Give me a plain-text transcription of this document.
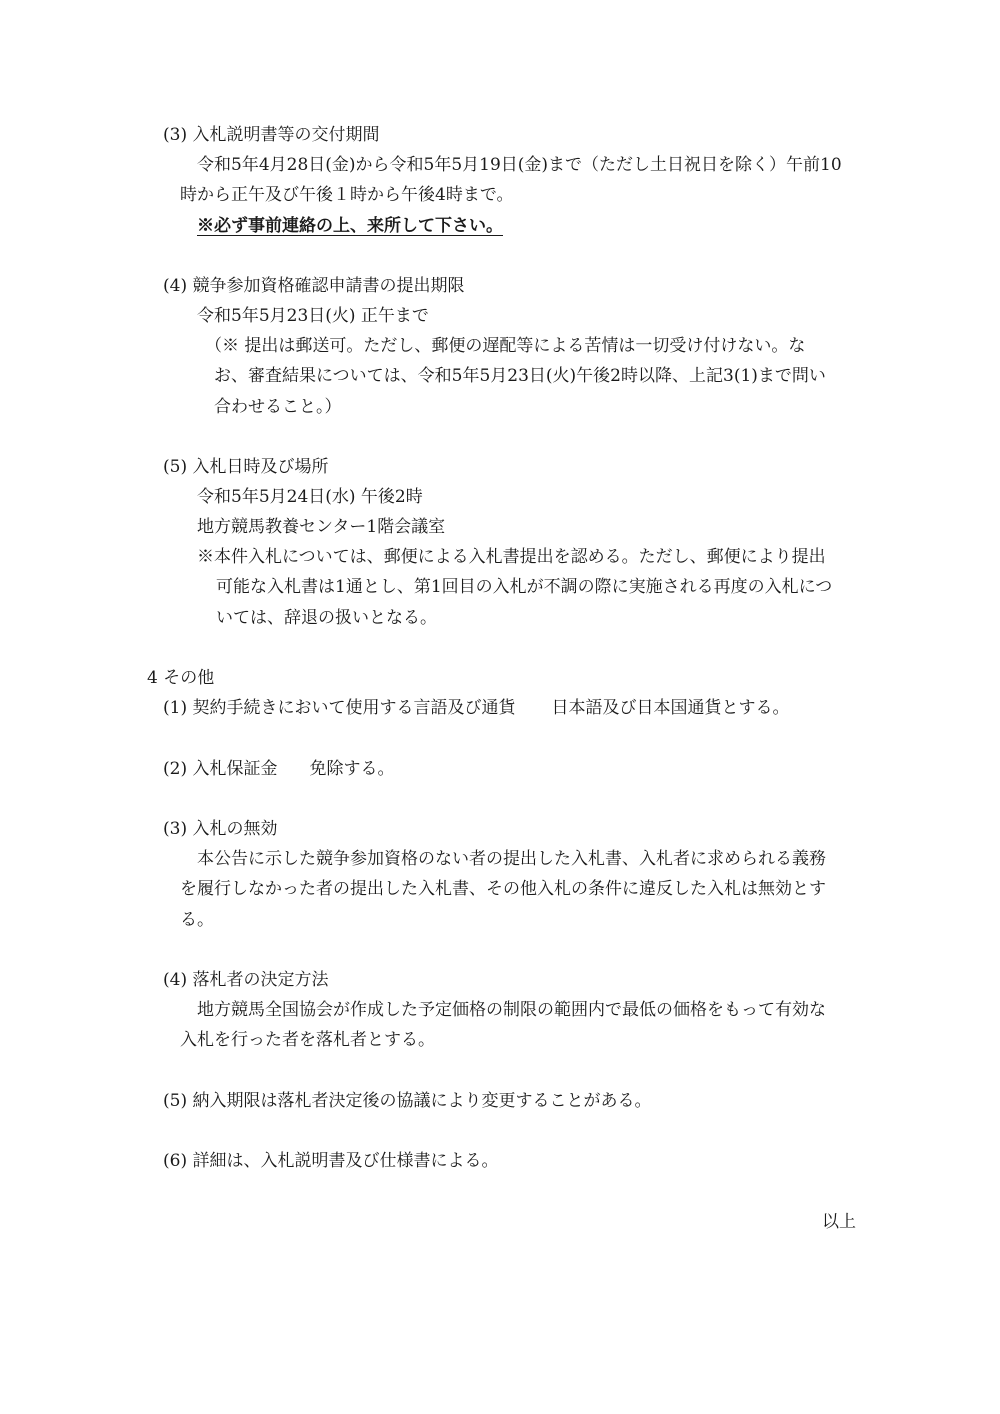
(3) 入札説明書等の交付期間
令和5年4月28日(金)から令和5年5月19日(金)まで（ただし土日祝日を除く）午前10
時から正午及び午後１時から午後4時まで。
※必ず事前連絡の上、来所して下さい。
(4) 競争参加資格確認申請書の提出期限
令和5年5月23日(火) 正午まで
（※ 提出は郵送可。ただし、郵便の遅配等による苦情は一切受け付けない。な
お、審査結果については、令和5年5月23日(火)午後2時以降、上記3(1)まで問い
合わせること。）
(5) 入札日時及び場所
令和5年5月24日(水) 午後2時
地方競馬教養センター1階会議室
※本件入札については、郵便による入札書提出を認める。ただし、郵便により提出
可能な入札書は1通とし、第1回目の入札が不調の際に実施される再度の入札につ
いては、辞退の扱いとなる。
4 その他
(1) 契約手続きにおいて使用する言語及び通貨 日本語及び日本国通貨とする。
(2) 入札保証金 免除する。
(3) 入札の無効
本公告に示した競争参加資格のない者の提出した入札書、入札者に求められる義務
を履行しなかった者の提出した入札書、その他入札の条件に違反した入札は無効とす
る。
(4) 落札者の決定方法
地方競馬全国協会が作成した予定価格の制限の範囲内で最低の価格をもって有効な
入札を行った者を落札者とする。
(5) 納入期限は落札者決定後の協議により変更することがある。
(6) 詳細は、入札説明書及び仕様書による。
以上
